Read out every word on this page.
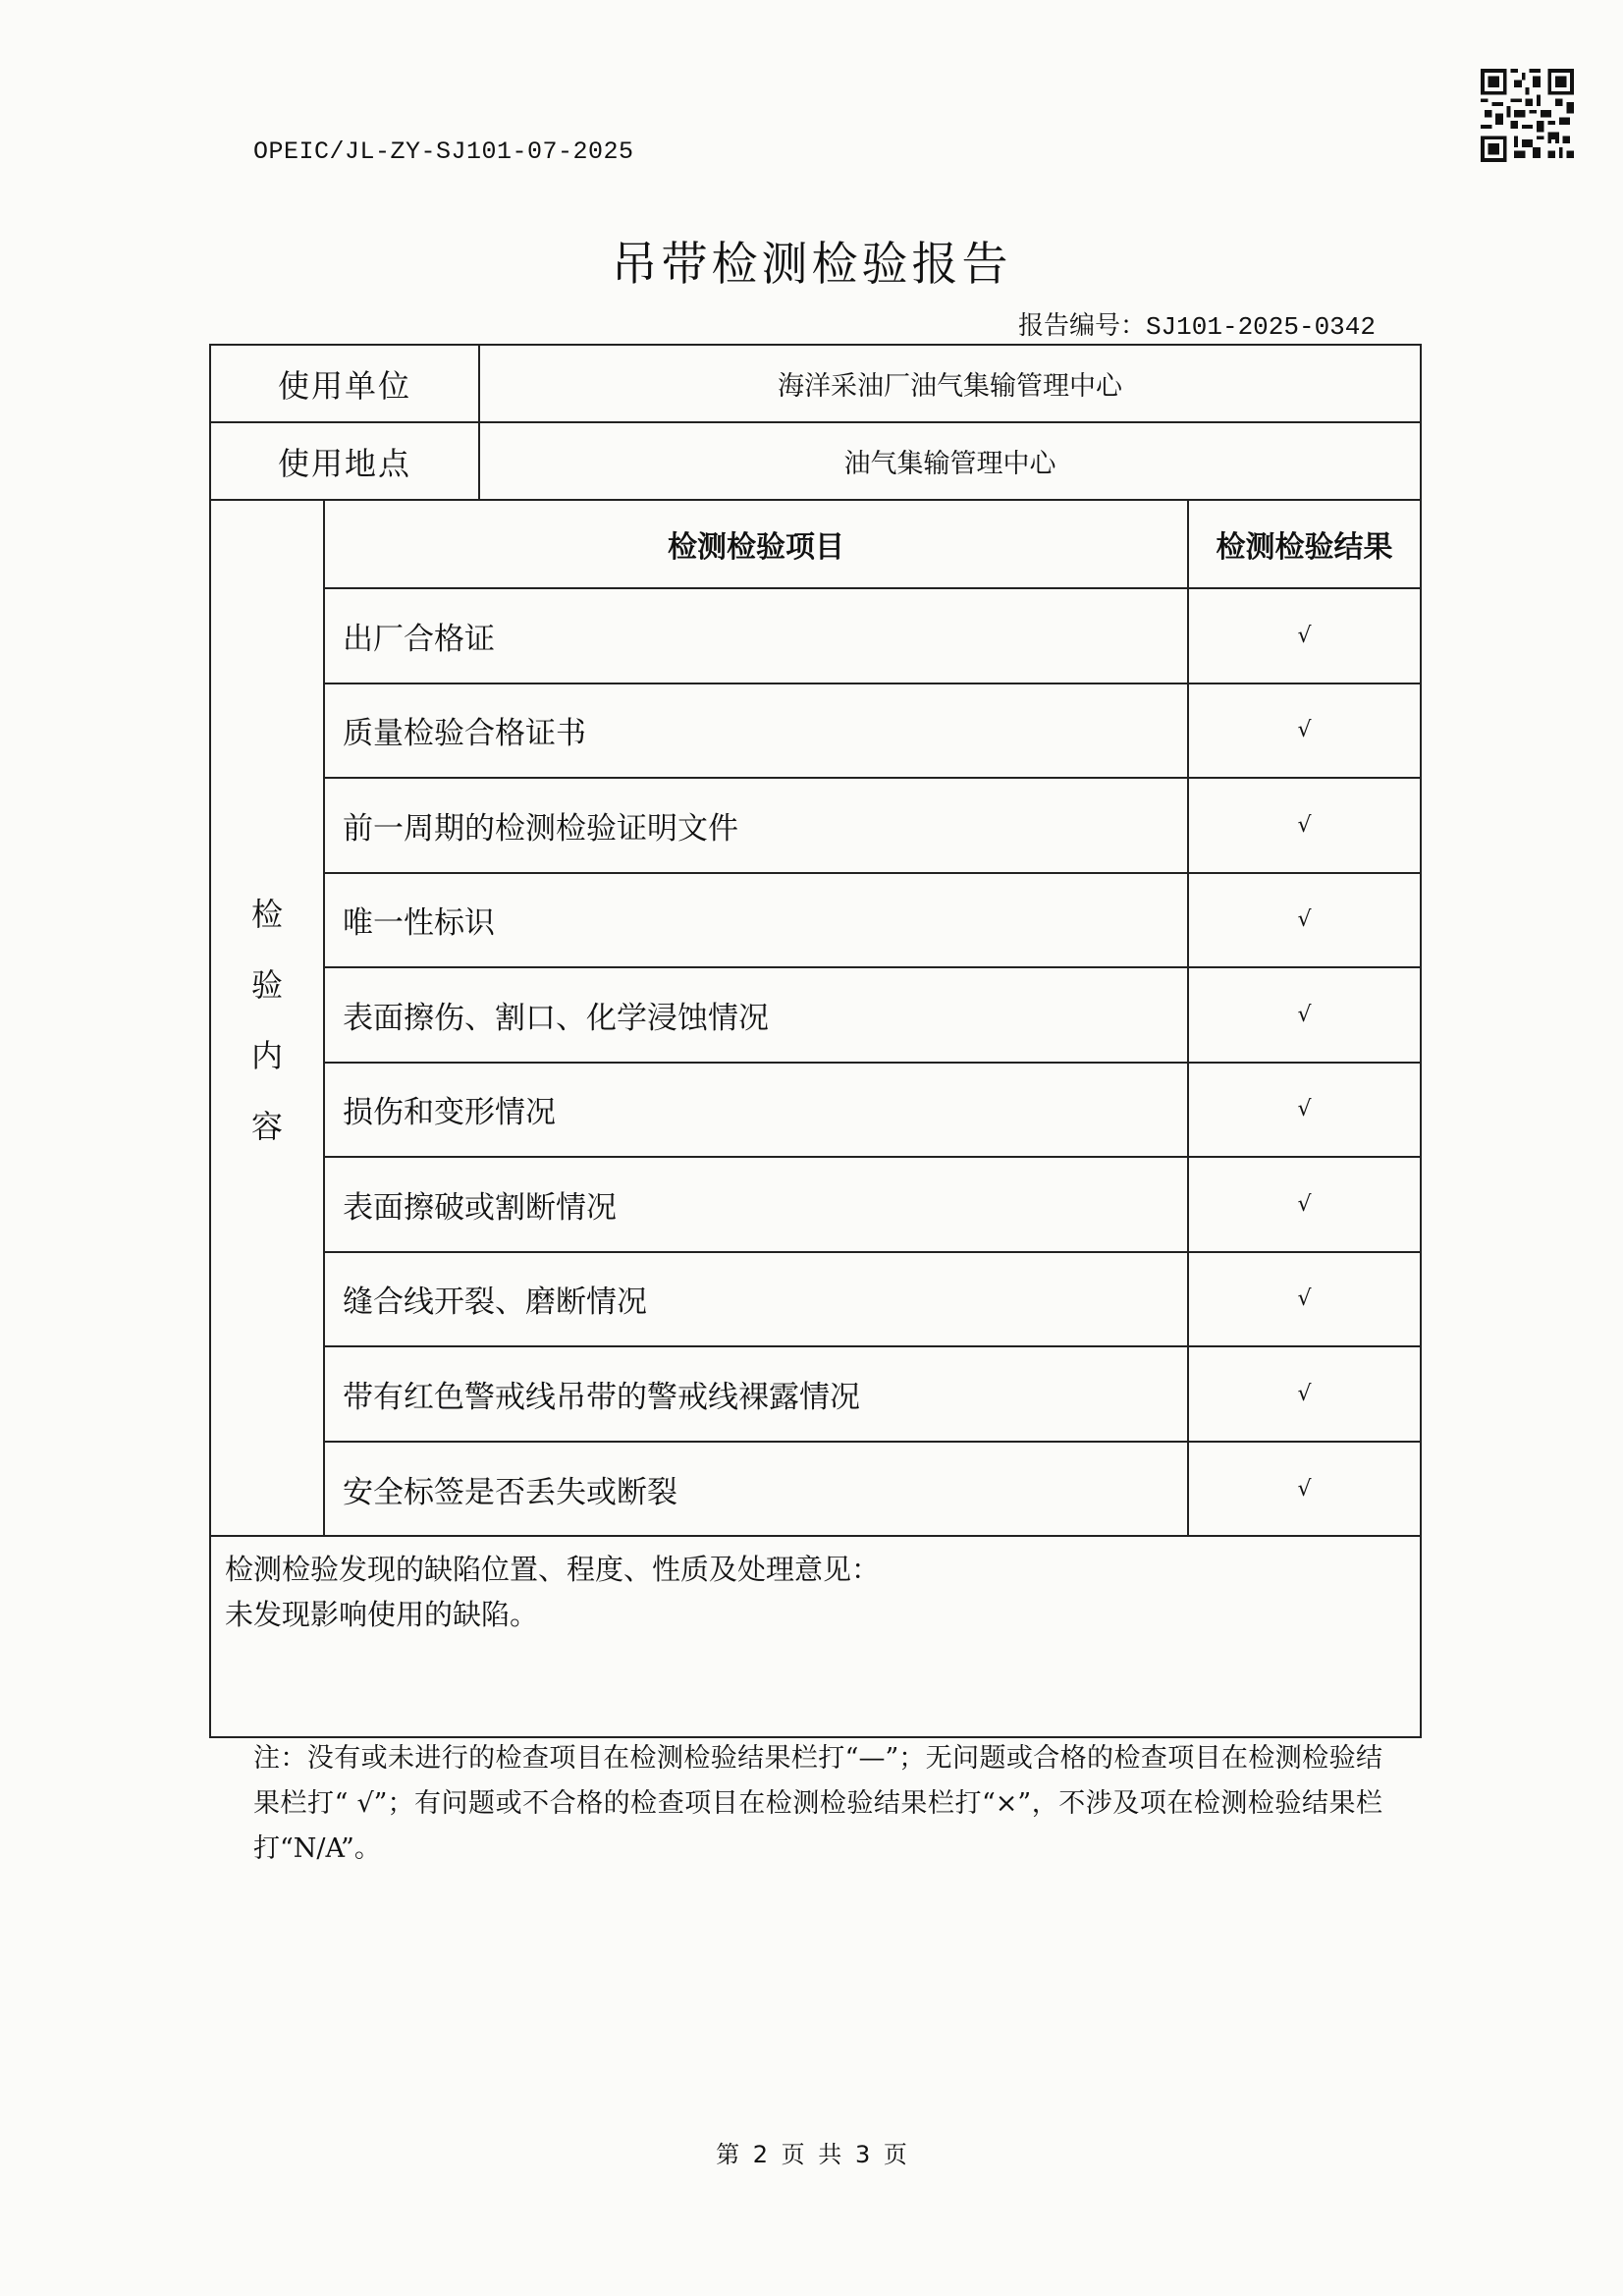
OPEIC/JL-ZY-SJ101-07-2025
吊带检测检验报告
报告编号：SJ101-2025-0342
使用单位	海洋采油厂油气集输管理中心
使用地点	油气集输管理中心
检
验
内
容
检测检验项目	检测检验结果
出厂合格证	√
质量检验合格证书	√
前一周期的检测检验证明文件	√
唯一性标识	√
表面擦伤、割口、化学浸蚀情况	√
损伤和变形情况	√
表面擦破或割断情况	√
缝合线开裂、磨断情况	√
带有红色警戒线吊带的警戒线裸露情况	√
安全标签是否丢失或断裂	√
检测检验发现的缺陷位置、程度、性质及处理意见：
未发现影响使用的缺陷。
注：没有或未进行的检查项目在检测检验结果栏打“—”；无问题或合格的检查项目在检测检验结果栏打“ √”；有问题或不合格的检查项目在检测检验结果栏打“×”，不涉及项在检测检验结果栏打“N/A”。
第 2 页 共 3 页
